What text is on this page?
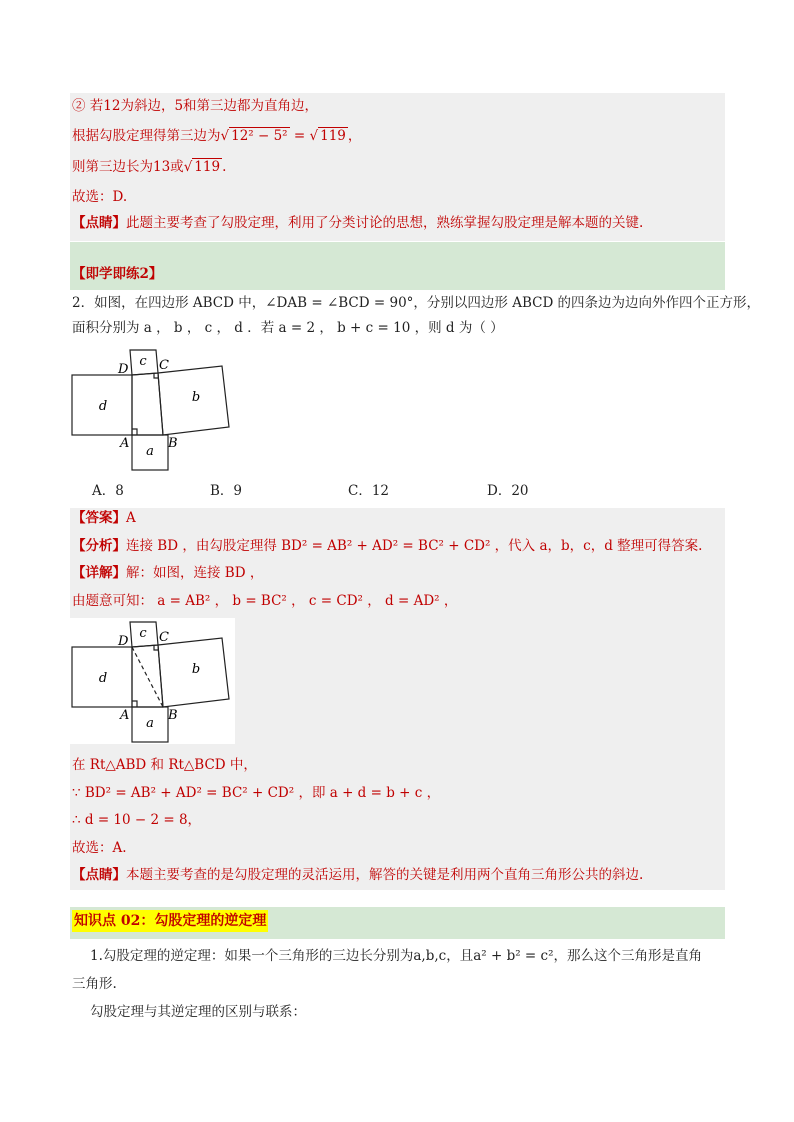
② 若12为斜边，5和第三边都为直角边，
根据勾股定理得第三边为√ 12² − 5² = √ 119 ，
则第三边长为13或√ 119 .
故选：D.
【点睛】此题主要考查了勾股定理，利用了分类讨论的思想，熟练掌握勾股定理是解本题的关键.
【即学即练2】
2．如图，在四边形 ABCD 中，∠DAB = ∠BCD = 90°，分别以四边形 ABCD 的四条边为边向外作四个正方形，
面积分别为 a ， b ， c ， d ．若 a = 2 ， b + c = 10 ，则 d 为（ ）
d
c
b
a
D C
A	B
A．8	B．9	C．12	D．20
【答案】A
【分析】连接 BD ，由勾股定理得 BD² = AB² + AD² = BC² + CD² ，代入 a，b，c，d 整理可得答案.
【详解】解：如图，连接 BD ，
由题意可知： a = AB² ， b = BC² ， c = CD² ， d = AD² ，
d
c
b
a
D C
A	B
在 Rt△ABD 和 Rt△BCD 中，
∵ BD² = AB² + AD² = BC² + CD² ，即 a + d = b + c ，
∴ d = 10 − 2 = 8，
故选：A.
【点睛】本题主要考查的是勾股定理的灵活运用，解答的关键是利用两个直角三角形公共的斜边.
知识点 02：勾股定理的逆定理
1.勾股定理的逆定理：如果一个三角形的三边长分别为a,b,c，且a² + b² = c²，那么这个三角形是直角
三角形.
勾股定理与其逆定理的区别与联系：
